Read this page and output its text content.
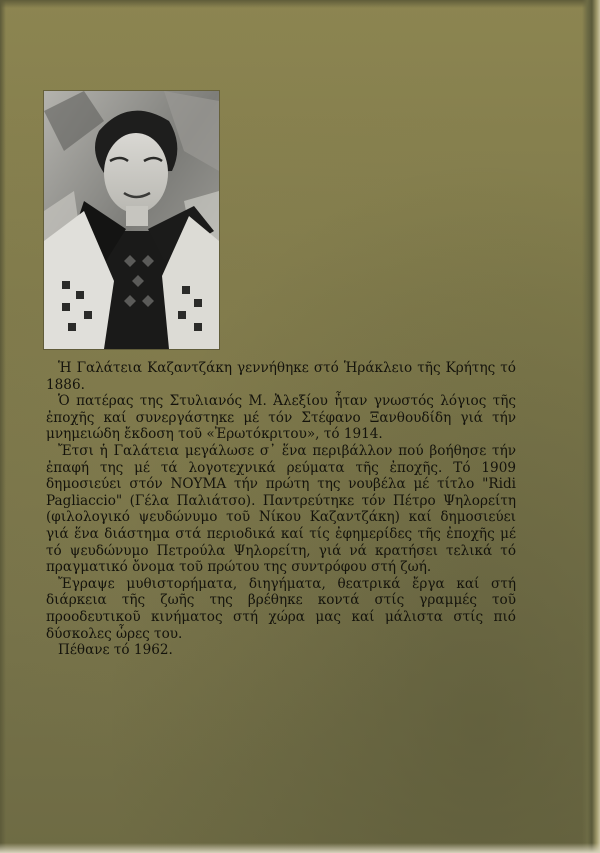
Ἡ Γαλάτεια Καζαντζάκη γεννήθηκε στό Ἡράκλειο τῆς Κρήτης τό 1886.

Ὁ πατέρας της Στυλιανός Μ. Ἀλεξίου ἦταν γνωστός λόγιος τῆς ἐποχῆς καί συνεργάστηκε μέ τόν Στέφανο Ξανθουδίδη γιά τήν μνημειώδη ἔκδοση τοῦ «Ἐρωτόκριτου», τό 1914.

Ἔτσι ἡ Γαλάτεια μεγάλωσε σ᾿ ἕνα περιβάλλον πού βοήθησε τήν ἐπαφή της μέ τά λογοτεχνικά ρεύματα τῆς ἐποχῆς. Τό 1909 δημοσιεύει στόν ΝΟΥΜΑ τήν πρώτη της νουβέλα μέ τίτλο "Ridi Pagliaccio" (Γέλα Παλιάτσο). Παντρεύτηκε τόν Πέτρο Ψηλορείτη (φιλολογικό ψευδώνυμο τοῦ Νίκου Καζαντζάκη) καί δημοσιεύει γιά ἕνα διάστημα στά περιοδικά καί τίς ἐφημερίδες τῆς ἐποχῆς μέ τό ψευδώνυμο Πετρούλα Ψηλορείτη, γιά νά κρατήσει τελικά τό πραγματικό ὄνομα τοῦ πρώτου της συντρόφου στή ζωή.

Ἔγραψε μυθιστορήματα, διηγήματα, θεατρικά ἔργα καί στή διάρκεια τῆς ζωῆς της βρέθηκε κοντά στίς γραμμές τοῦ προοδευτικοῦ κινήματος στή χώρα μας καί μάλιστα στίς πιό δύσκολες ὧρες του.

Πέθανε τό 1962.
